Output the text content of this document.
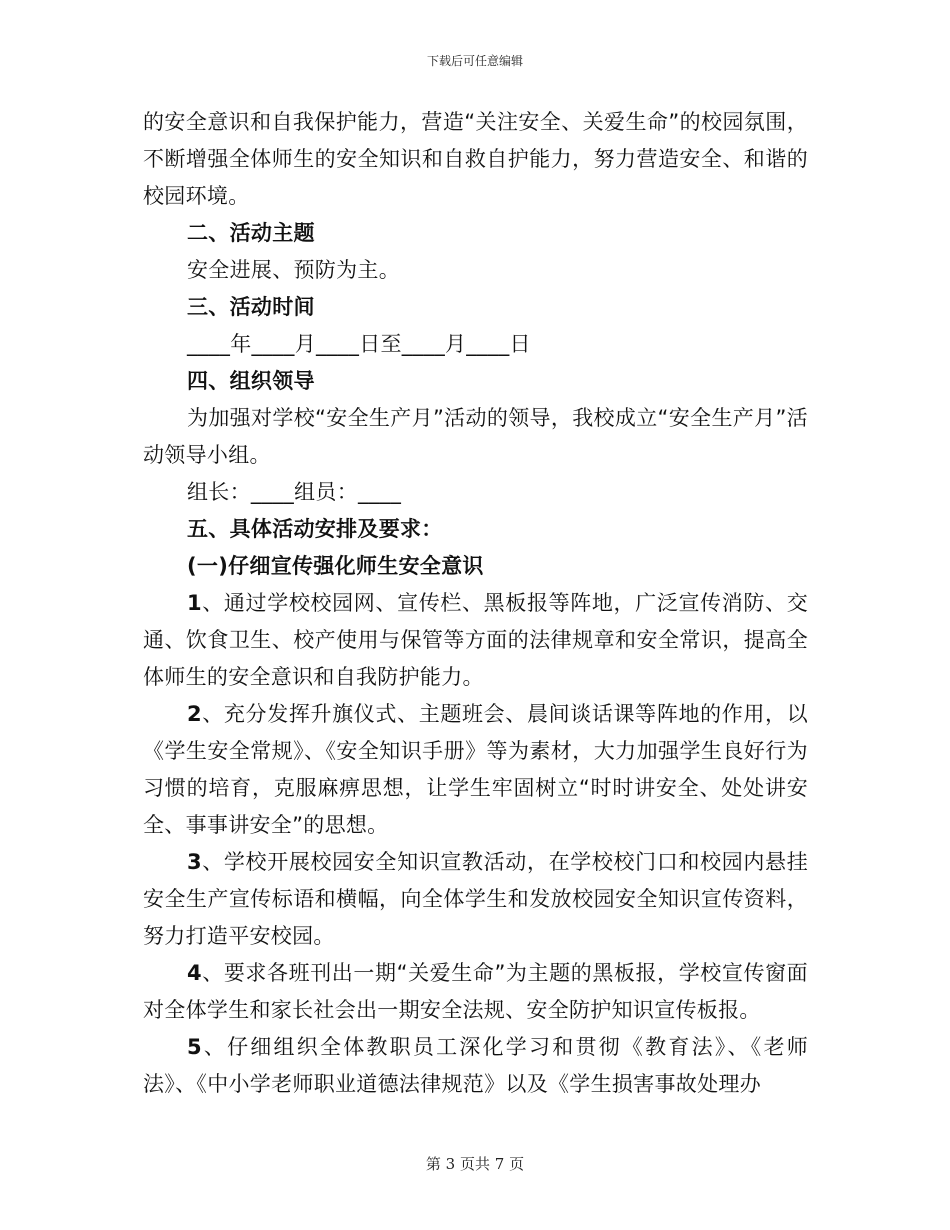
下载后可任意编辑

的安全意识和自我保护能力，营造“关注安全、关爱生命”的校园氛围，不断增强全体师生的安全知识和自救自护能力，努力营造安全、和谐的校园环境。

二、活动主题

安全进展、预防为主。

三、活动时间

____年____月____日至____月____日

四、组织领导

为加强对学校“安全生产月”活动的领导，我校成立“安全生产月”活动领导小组。

组长：____组员：____

五、具体活动安排及要求：

(一)仔细宣传强化师生安全意识

1、通过学校校园网、宣传栏、黑板报等阵地，广泛宣传消防、交通、饮食卫生、校产使用与保管等方面的法律规章和安全常识，提高全体师生的安全意识和自我防护能力。

2、充分发挥升旗仪式、主题班会、晨间谈话课等阵地的作用，以《学生安全常规》、《安全知识手册》等为素材，大力加强学生良好行为习惯的培育，克服麻痹思想，让学生牢固树立“时时讲安全、处处讲安全、事事讲安全”的思想。

3、学校开展校园安全知识宣教活动，在学校校门口和校园内悬挂安全生产宣传标语和横幅，向全体学生和发放校园安全知识宣传资料，努力打造平安校园。

4、要求各班刊出一期“关爱生命”为主题的黑板报，学校宣传窗面对全体学生和家长社会出一期安全法规、安全防护知识宣传板报。

5、仔细组织全体教职员工深化学习和贯彻《教育法》、《老师法》、《中小学老师职业道德法律规范》以及《学生损害事故处理办

第 3 页共 7 页
